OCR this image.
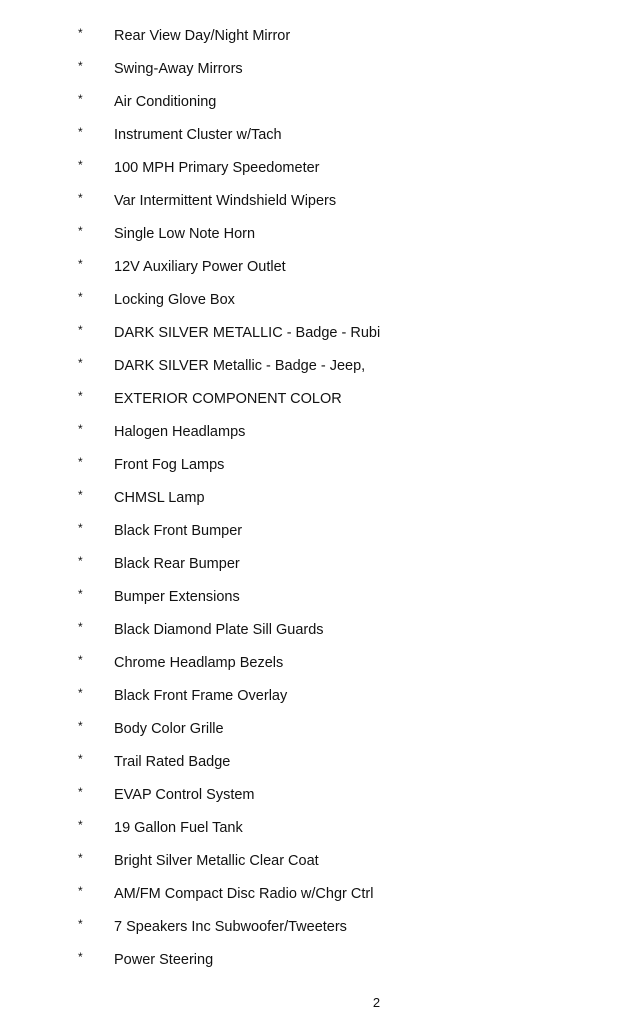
* Rear View Day/Night Mirror
* Swing-Away Mirrors
* Air Conditioning
* Instrument Cluster w/Tach
* 100 MPH Primary Speedometer
* Var Intermittent Windshield Wipers
* Single Low Note Horn
* 12V Auxiliary Power Outlet
* Locking Glove Box
* DARK SILVER METALLIC - Badge - Rubi
* DARK SILVER Metallic - Badge - Jeep,
* EXTERIOR COMPONENT COLOR
* Halogen Headlamps
* Front Fog Lamps
* CHMSL Lamp
* Black Front Bumper
* Black Rear Bumper
* Bumper Extensions
* Black Diamond Plate Sill Guards
* Chrome Headlamp Bezels
* Black Front Frame Overlay
* Body Color Grille
* Trail Rated Badge
* EVAP Control System
* 19 Gallon Fuel Tank
* Bright Silver Metallic Clear Coat
* AM/FM Compact Disc Radio w/Chgr Ctrl
* 7 Speakers Inc Subwoofer/Tweeters
* Power Steering
2
